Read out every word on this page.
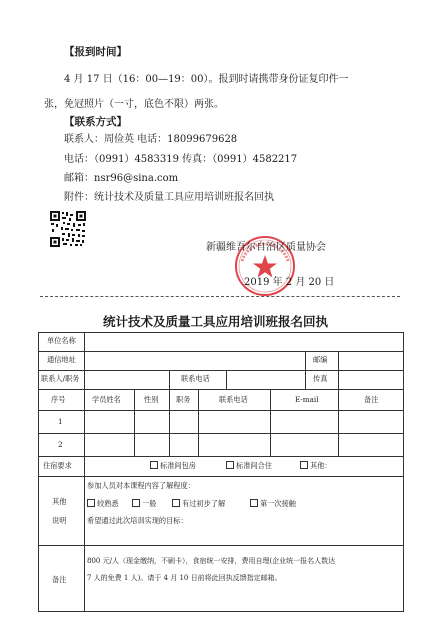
【报到时间】
4 月 17 日（16：00—19：00）。报到时请携带身份证复印件一
张，免冠照片（一寸，底色不限）两张。
【联系方式】
联系人：周俭英 电话：18099679628
电话：（0991）4583319 传真：（0991）4582217
邮箱：nsr96@sina.com
附件：统计技术及质量工具应用培训班报名回执
新疆维吾尔自治区质量协会
2019 年 2 月 20 日
统计技术及质量工具应用培训班报名回执
单位名称
通信地址	邮编
联系人/职务	联系电话	传真
序号	学员姓名	性别 职务	联系电话	E-mail	备注
1
2
住宿要求	标准间包房	标准间合住	其他：
其他
说明
参加人员对本课程内容了解程度：
较熟悉	一般	有过初步了解	第一次接触
希望通过此次培训实现的目标：
备注
800 元/人（现金缴纳，不刷卡），食宿统一安排，费用自理(企业统一报名人数达
7 人的免费 1 人)。请于 4 月 10 日前将此回执反馈指定邮箱。
